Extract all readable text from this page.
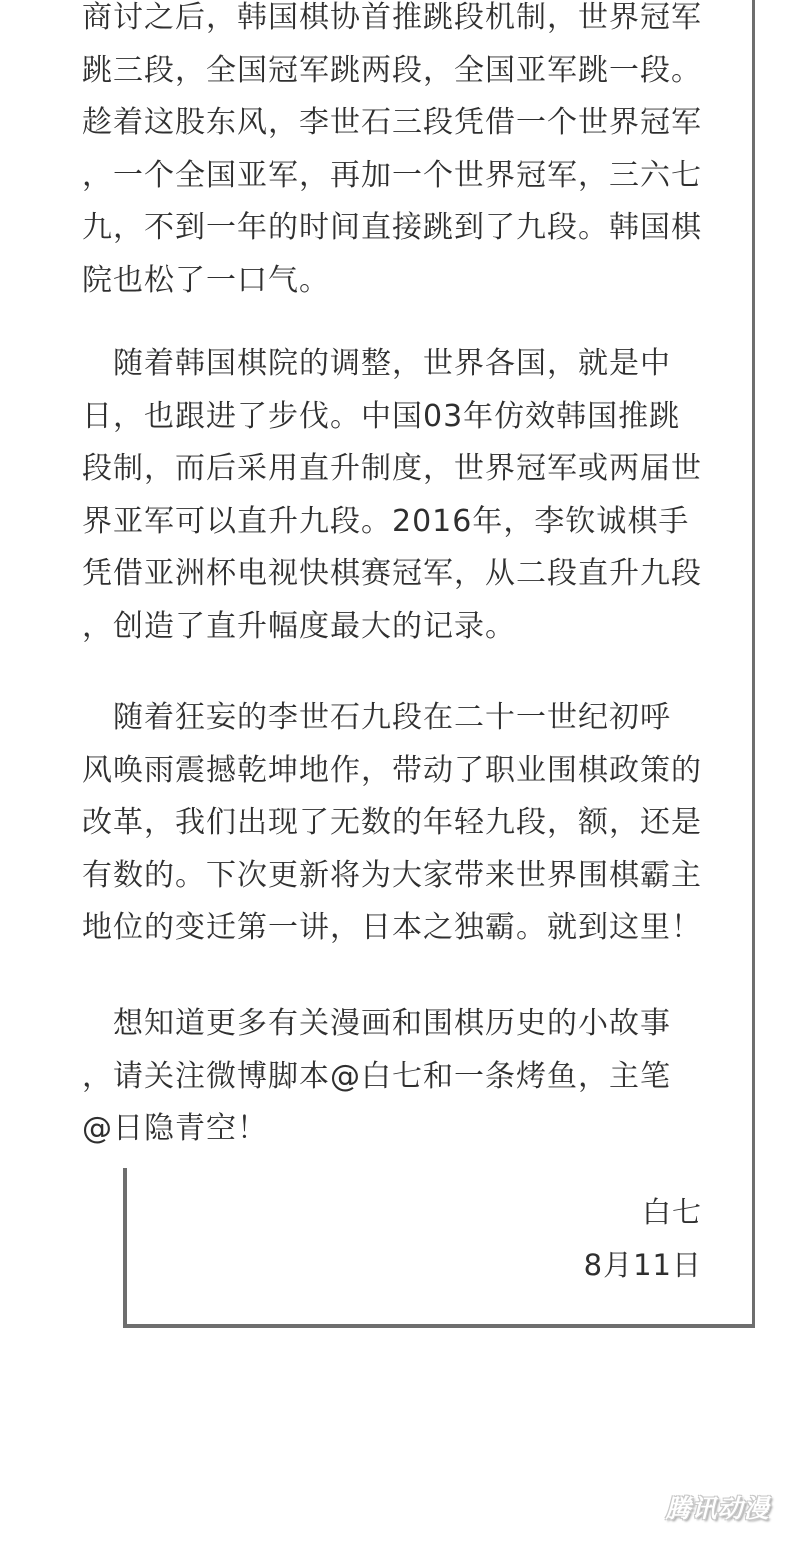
商讨之后，韩国棋协首推跳段机制，世界冠军
跳三段，全国冠军跳两段，全国亚军跳一段。
趁着这股东风，李世石三段凭借一个世界冠军
，一个全国亚军，再加一个世界冠军，三六七
九，不到一年的时间直接跳到了九段。韩国棋
院也松了一口气。
　随着韩国棋院的调整，世界各国，就是中
日，也跟进了步伐。中国03年仿效韩国推跳
段制，而后采用直升制度，世界冠军或两届世
界亚军可以直升九段。2016年，李钦诚棋手
凭借亚洲杯电视快棋赛冠军，从二段直升九段
，创造了直升幅度最大的记录。
　随着狂妄的李世石九段在二十一世纪初呼
风唤雨震撼乾坤地作，带动了职业围棋政策的
改革，我们出现了无数的年轻九段，额，还是
有数的。下次更新将为大家带来世界围棋霸主
地位的变迁第一讲，日本之独霸。就到这里！
　想知道更多有关漫画和围棋历史的小故事
，请关注微博脚本@白七和一条烤鱼，主笔
@日隐青空！
白七
8月11日
腾讯动漫
